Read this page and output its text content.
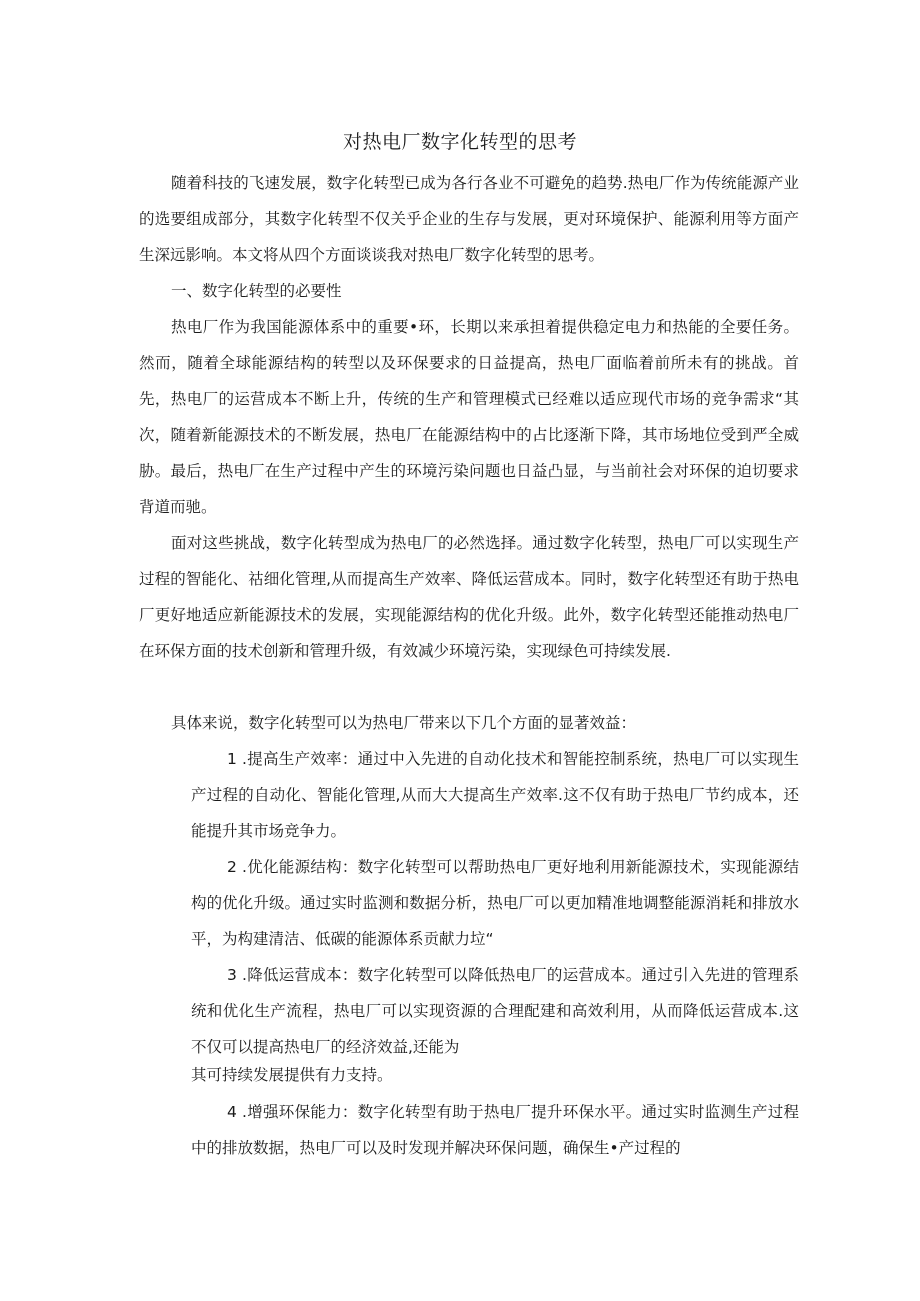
对热电厂数字化转型的思考

随着科技的飞速发展，数字化转型已成为各行各业不可避免的趋势.热电厂作为传统能源产业的选要组成部分，其数字化转型不仅关乎企业的生存与发展，更对环境保护、能源利用等方面产生深远影响。本文将从四个方面谈谈我对热电厂数字化转型的思考。

一、数字化转型的必要性

热电厂作为我国能源体系中的重要•环，长期以来承担着提供稳定电力和热能的全要任务。然而，随着全球能源结构的转型以及环保要求的日益提高，热电厂面临着前所未有的挑战。首先，热电厂的运营成本不断上升，传统的生产和管理模式已经难以适应现代市场的竞争需求“其次，随着新能源技术的不断发展，热电厂在能源结构中的占比逐渐下降，其市场地位受到严全威胁。最后，热电厂在生产过程中产生的环境污染问题也日益凸显，与当前社会对环保的迫切要求背道而驰。

面对这些挑战，数字化转型成为热电厂的必然选择。通过数字化转型，热电厂可以实现生产过程的智能化、祜细化管理,从而提高生产效率、降低运营成本。同时，数字化转型还有助于热电厂更好地适应新能源技术的发展，实现能源结构的优化升级。此外，数字化转型还能推动热电厂在环保方面的技术创新和管理升级，有效减少环境污染，实现绿色可持续发展.

具体来说，数字化转型可以为热电厂带来以下几个方面的显著效益：

1 .提高生产效率：通过中入先进的自动化技术和智能控制系统，热电厂可以实现生产过程的自动化、智能化管理,从而大大提高生产效率.这不仅有助于热电厂节约成本，还能提升其市场竞争力。

2 .优化能源结构：数字化转型可以帮助热电厂更好地利用新能源技术，实现能源结构的优化升级。通过实时监测和数据分析，热电厂可以更加精准地调整能源消耗和排放水平，为构建清洁、低碳的能源体系贡献力垃“

3 .降低运营成本：数字化转型可以降低热电厂的运营成本。通过引入先进的管理系统和优化生产流程，热电厂可以实现资源的合理配建和高效利用，从而降低运营成本.这不仅可以提高热电厂的经济效益,还能为

其可持续发展提供有力支持。

4 .增强环保能力：数字化转型有助于热电厂提升环保水平。通过实时监测生产过程中的排放数据，热电厂可以及时发现并解决环保问题，确保生•产过程的
